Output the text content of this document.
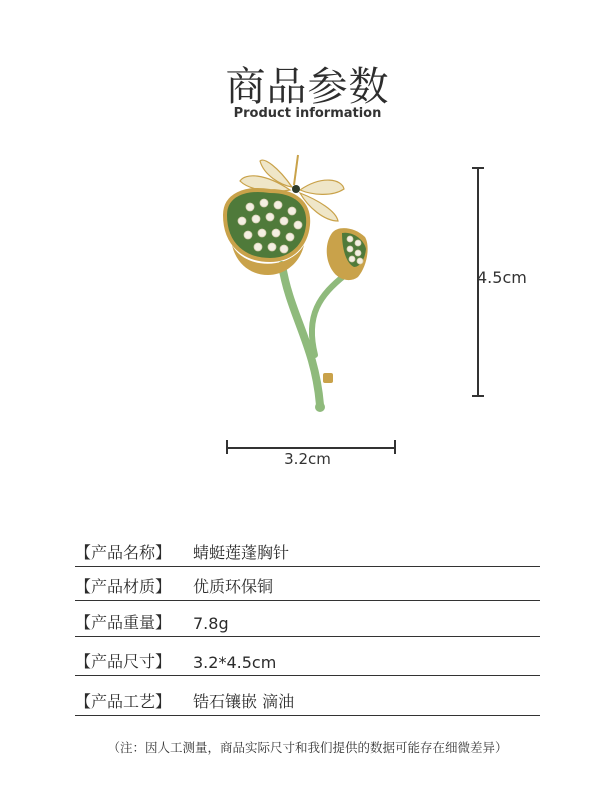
商品参数
Product information
4.5cm
3.2cm
【产品名称】 蜻蜓莲蓬胸针
【产品材质】 优质环保铜
【产品重量】 7.8g
【产品尺寸】 3.2*4.5cm
【产品工艺】 锆石镶嵌 滴油
（注：因人工测量，商品实际尺寸和我们提供的数据可能存在细微差异）
